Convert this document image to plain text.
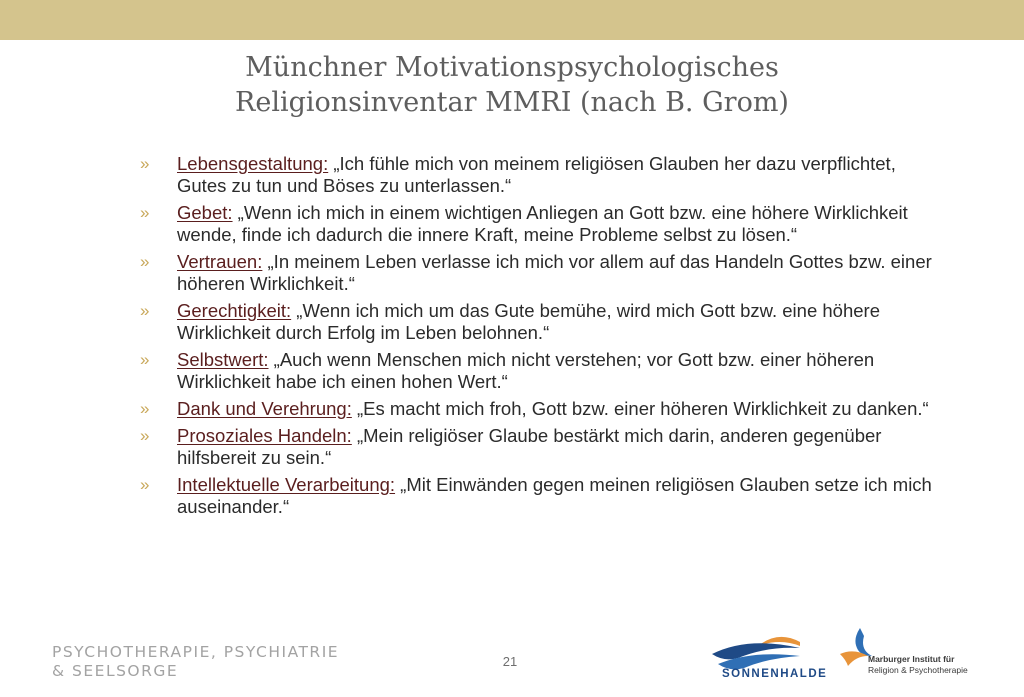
Münchner Motivationspsychologisches
Religionsinventar MMRI (nach B. Grom)
» Lebensgestaltung: „Ich fühle mich von meinem religiösen Glauben her dazu verpflichtet, Gutes zu tun und Böses zu unterlassen.“
» Gebet: „Wenn ich mich in einem wichtigen Anliegen an Gott bzw. eine höhere Wirklichkeit wende, finde ich dadurch die innere Kraft, meine Probleme selbst zu lösen.“
» Vertrauen: „In meinem Leben verlasse ich mich vor allem auf das Handeln Gottes bzw. einer höheren Wirklichkeit.“
» Gerechtigkeit: „Wenn ich mich um das Gute bemühe, wird mich Gott bzw. eine höhere Wirklichkeit durch Erfolg im Leben belohnen.“
» Selbstwert: „Auch wenn Menschen mich nicht verstehen; vor Gott bzw. einer höheren Wirklichkeit habe ich einen hohen Wert.“
» Dank und Verehrung: „Es macht mich froh, Gott bzw. einer höheren Wirklichkeit zu danken.“
» Prosoziales Handeln: „Mein religiöser Glaube bestärkt mich darin, anderen gegenüber hilfsbereit zu sein.“
» Intellektuelle Verarbeitung: „Mit Einwänden gegen meinen religiösen Glauben setze ich mich auseinander.“
PSYCHOTHERAPIE, PSYCHIATRIE
& SEELSORGE
21
SONNENHALDE
Marburger Institut für
Religion & Psychotherapie
